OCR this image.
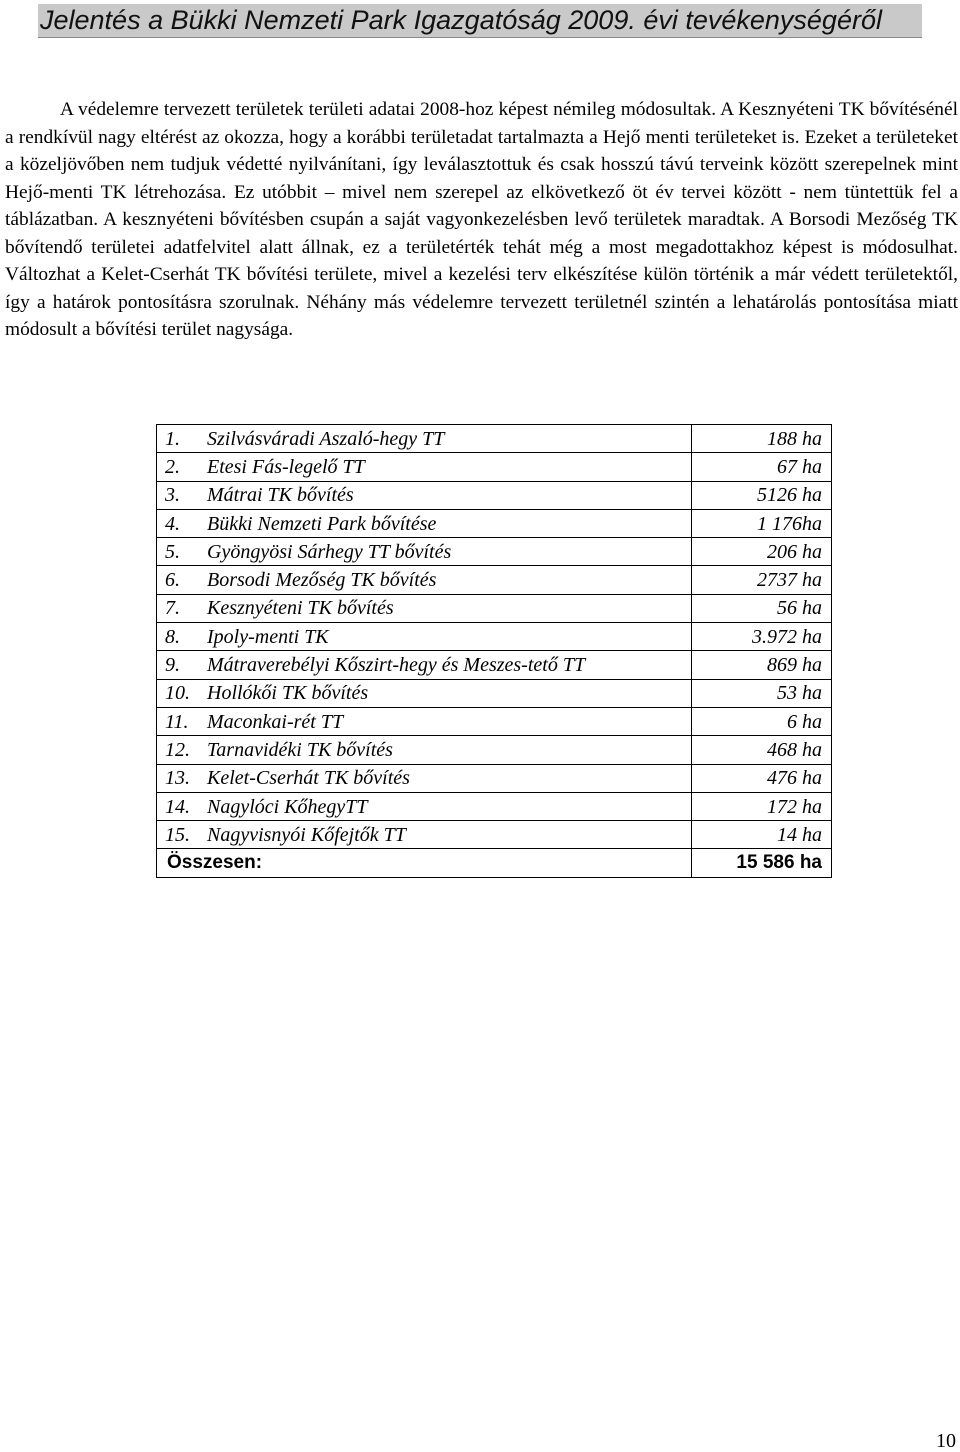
Jelentés a Bükki Nemzeti Park Igazgatóság 2009. évi tevékenységéről

A védelemre tervezett területek területi adatai 2008-hoz képest némileg módosultak. A Kesznyéteni TK bővítésénél a rendkívül nagy eltérést az okozza, hogy a korábbi területadat tartalmazta a Hejő menti területeket is. Ezeket a területeket a közeljövőben nem tudjuk védetté nyilvánítani, így leválasztottuk és csak hosszú távú terveink között szerepelnek mint Hejő-menti TK létrehozása. Ez utóbbit – mivel nem szerepel az elkövetkező öt év tervei között - nem tüntettük fel a táblázatban. A kesznyéteni bővítésben csupán a saját vagyonkezelésben levő területek maradtak. A Borsodi Mezőség TK bővítendő területei adatfelvitel alatt állnak, ez a területérték tehát még a most megadottakhoz képest is módosulhat. Változhat a Kelet-Cserhát TK bővítési területe, mivel a kezelési terv elkészítése külön történik a már védett területektől, így a határok pontosításra szorulnak. Néhány más védelemre tervezett területnél szintén a lehatárolás pontosítása miatt módosult a bővítési terület nagysága.

1.	Szilvásváradi Aszaló-hegy TT	188 ha
2.	Etesi Fás-legelő TT	67 ha
3.	Mátrai TK bővítés	5126 ha
4.	Bükki Nemzeti Park bővítése	1 176ha
5.	Gyöngyösi Sárhegy TT bővítés	206 ha
6.	Borsodi Mezőség TK bővítés	2737 ha
7.	Kesznyéteni TK bővítés	56 ha
8.	Ipoly-menti TK	3.972 ha
9.	Mátraverebélyi Kőszirt-hegy és Meszes-tető TT	869 ha
10.	Hollókői TK bővítés	53 ha
11.	Maconkai-rét TT	6 ha
12.	Tarnavidéki TK bővítés	468 ha
13.	Kelet-Cserhát TK bővítés	476 ha
14.	Nagylóci KőhegyTT	172 ha
15.	Nagyvisnyói Kőfejtők TT	14 ha
Összesen:		15 586 ha
10
